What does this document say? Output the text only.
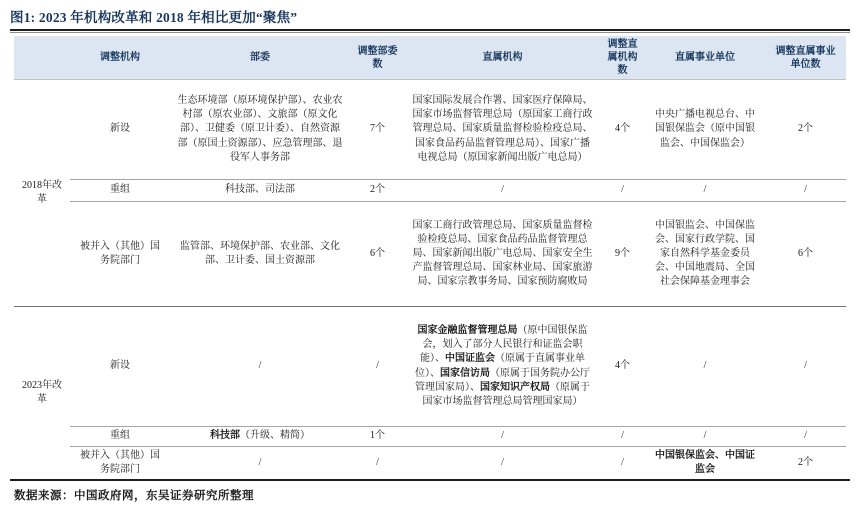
图1: 2023 年机构改革和 2018 年相比更加“聚焦”
	调整机构	部委	调整部委数	直属机构	调整直属机构数	直属事业单位	调整直属事业单位数
2018年改革	新设	生态环境部（原环境保护部）、农业农村部（原农业部）、文旅部（原文化部）、卫健委（原卫计委）、自然资源部（原国土资源部）、应急管理部、退役军人事务部	7个	国家国际发展合作署、国家医疗保障局、国家市场监督管理总局（原国家工商行政管理总局、国家质量监督检验检疫总局、国家食品药品监督管理总局）、国家广播电视总局（原国家新闻出版广电总局）	4个	中央广播电视总台、中国银保监会（原中国银监会、中国保监会）	2个
	重组	科技部、司法部	2个	/	/	/	/
	被并入（其他）国务院部门	监管部、环境保护部、农业部、文化部、卫计委、国土资源部	6个	国家工商行政管理总局、国家质量监督检验检疫总局、国家食品药品监督管理总局、国家新闻出版广电总局、国家安全生产监督管理总局、国家林业局、国家旅游局、国家宗教事务局、国家预防腐败局	9个	中国银监会、中国保监会、国家行政学院、国家自然科学基金委员会、中国地震局、全国社会保障基金理事会	6个
2023年改革	新设	/	/	国家金融监督管理总局（原中国银保监会，划入了部分人民银行和证监会职能）、中国证监会（原属于直属事业单位）、国家信访局（原属于国务院办公厅管理国家局）、国家知识产权局（原属于国家市场监督管理总局管理国家局）	4个	/	/
	重组	科技部（升级、精简）	1个	/	/	/	/
	被并入（其他）国务院部门	/	/	/	/	中国银保监会、中国证监会	2个
数据来源：中国政府网，东吴证券研究所整理
